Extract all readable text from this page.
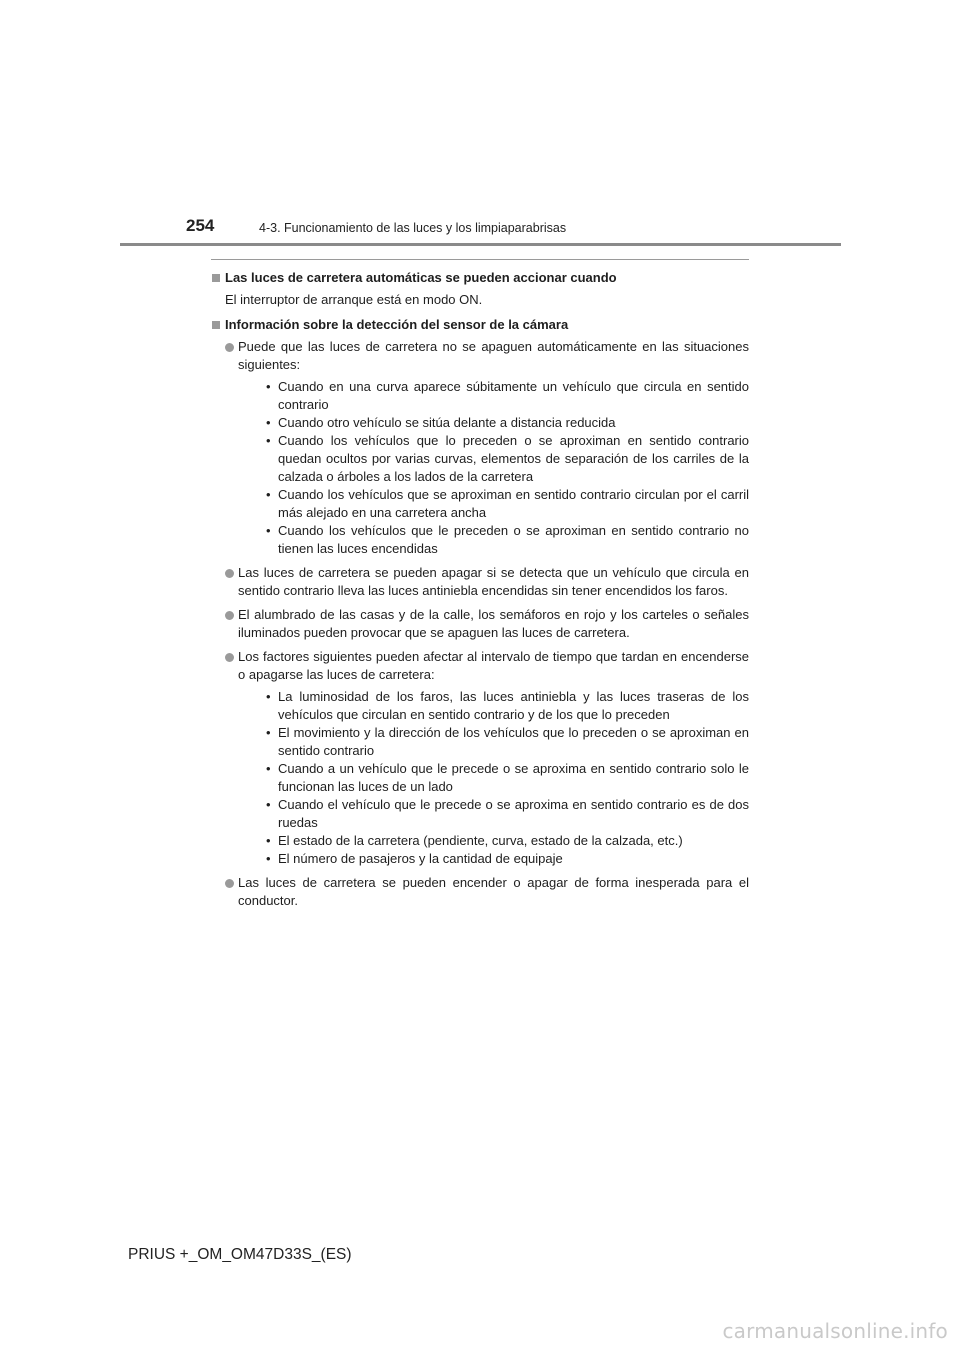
254	4-3. Funcionamiento de las luces y los limpiaparabrisas
Las luces de carretera automáticas se pueden accionar cuando

El interruptor de arranque está en modo ON.

Información sobre la detección del sensor de la cámara
Puede que las luces de carretera no se apaguen automáticamente en las situaciones siguientes:
• Cuando en una curva aparece súbitamente un vehículo que circula en sentido contrario
• Cuando otro vehículo se sitúa delante a distancia reducida
• Cuando los vehículos que lo preceden o se aproximan en sentido contrario quedan ocultos por varias curvas, elementos de separación de los carriles de la calzada o árboles a los lados de la carretera
• Cuando los vehículos que se aproximan en sentido contrario circulan por el carril más alejado en una carretera ancha
• Cuando los vehículos que le preceden o se aproximan en sentido contrario no tienen las luces encendidas
Las luces de carretera se pueden apagar si se detecta que un vehículo que circula en sentido contrario lleva las luces antiniebla encendidas sin tener encendidos los faros.
El alumbrado de las casas y de la calle, los semáforos en rojo y los carteles o señales iluminados pueden provocar que se apaguen las luces de carretera.
Los factores siguientes pueden afectar al intervalo de tiempo que tardan en encenderse o apagarse las luces de carretera:
• La luminosidad de los faros, las luces antiniebla y las luces traseras de los vehículos que circulan en sentido contrario y de los que lo preceden
• El movimiento y la dirección de los vehículos que lo preceden o se aproximan en sentido contrario
• Cuando a un vehículo que le precede o se aproxima en sentido contrario solo le funcionan las luces de un lado
• Cuando el vehículo que le precede o se aproxima en sentido contrario es de dos ruedas
• El estado de la carretera (pendiente, curva, estado de la calzada, etc.)
• El número de pasajeros y la cantidad de equipaje
Las luces de carretera se pueden encender o apagar de forma inesperada para el conductor.
PRIUS +_OM_OM47D33S_(ES)
carmanualsonline.info
